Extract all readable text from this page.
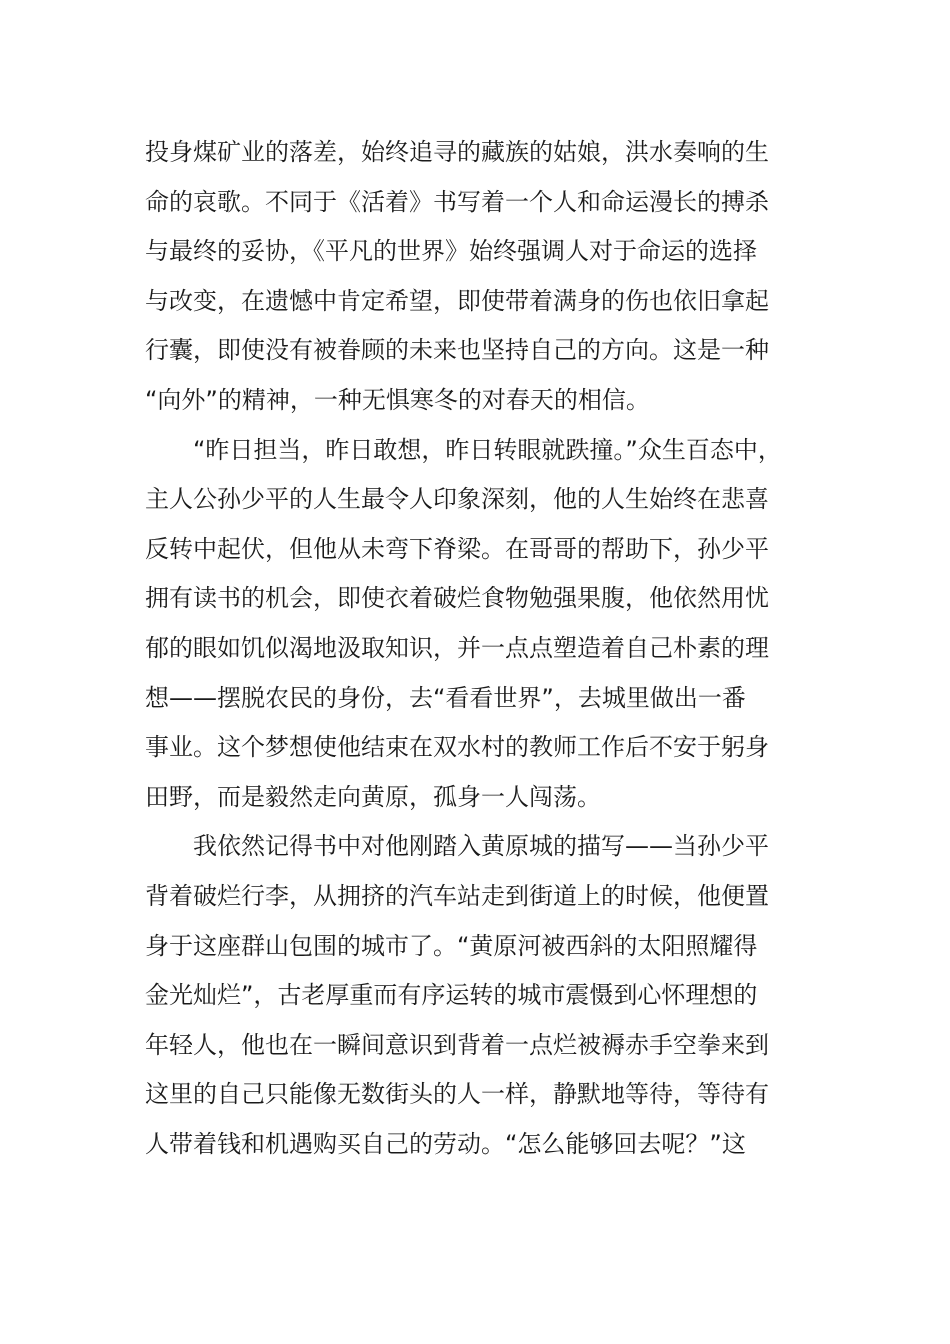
投身煤矿业的落差，始终追寻的藏族的姑娘，洪水奏响的生
命的哀歌。不同于《活着》书写着一个人和命运漫长的搏杀
与最终的妥协，《平凡的世界》始终强调人对于命运的选择
与改变，在遗憾中肯定希望，即使带着满身的伤也依旧拿起
行囊，即使没有被眷顾的未来也坚持自己的方向。这是一种
“向外”的精神，一种无惧寒冬的对春天的相信。
“昨日担当，昨日敢想，昨日转眼就跌撞。”众生百态中，
主人公孙少平的人生最令人印象深刻，他的人生始终在悲喜
反转中起伏，但他从未弯下脊梁。在哥哥的帮助下，孙少平
拥有读书的机会，即使衣着破烂食物勉强果腹，他依然用忧
郁的眼如饥似渴地汲取知识，并一点点塑造着自己朴素的理
想——摆脱农民的身份，去“看看世界”，去城里做出一番
事业。这个梦想使他结束在双水村的教师工作后不安于躬身
田野，而是毅然走向黄原，孤身一人闯荡。
我依然记得书中对他刚踏入黄原城的描写——当孙少平
背着破烂行李，从拥挤的汽车站走到街道上的时候，他便置
身于这座群山包围的城市了。“黄原河被西斜的太阳照耀得
金光灿烂”，古老厚重而有序运转的城市震慑到心怀理想的
年轻人，他也在一瞬间意识到背着一点烂被褥赤手空拳来到
这里的自己只能像无数街头的人一样，静默地等待，等待有
人带着钱和机遇购买自己的劳动。“怎么能够回去呢？”这
